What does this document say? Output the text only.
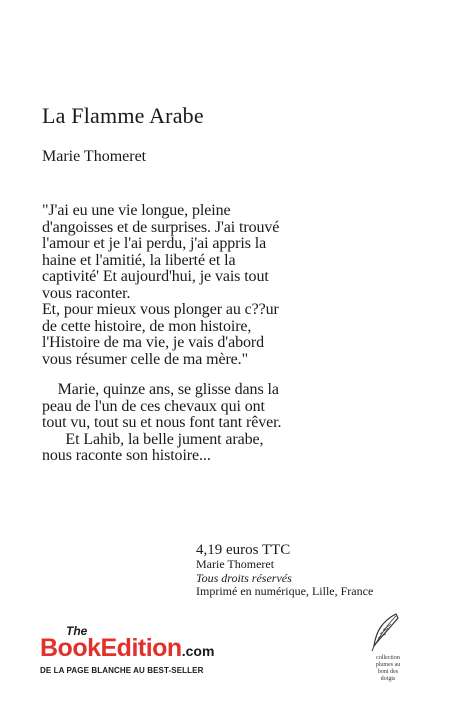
La Flamme Arabe
Marie Thomeret
"J'ai eu une vie longue, pleine
d'angoisses et de surprises. J'ai trouvé
l'amour et je l'ai perdu, j'ai appris la
haine et l'amitié, la liberté et la
captivité' Et aujourd'hui, je vais tout
vous raconter.
Et, pour mieux vous plonger au c??ur
de cette histoire, de mon histoire,
l'Histoire de ma vie, je vais d'abord
vous résumer celle de ma mère."
Marie, quinze ans, se glisse dans la
peau de l'un de ces chevaux qui ont
tout vu, tout su et nous font tant rêver.
Et Lahib, la belle jument arabe,
nous raconte son histoire...
4,19 euros TTC
Marie Thomeret
Tous droits réservés
Imprimé en numérique, Lille, France
The
BookEdition.com
DE LA PAGE BLANCHE AU BEST-SELLER
collection
plumes au
boni des
doigts
